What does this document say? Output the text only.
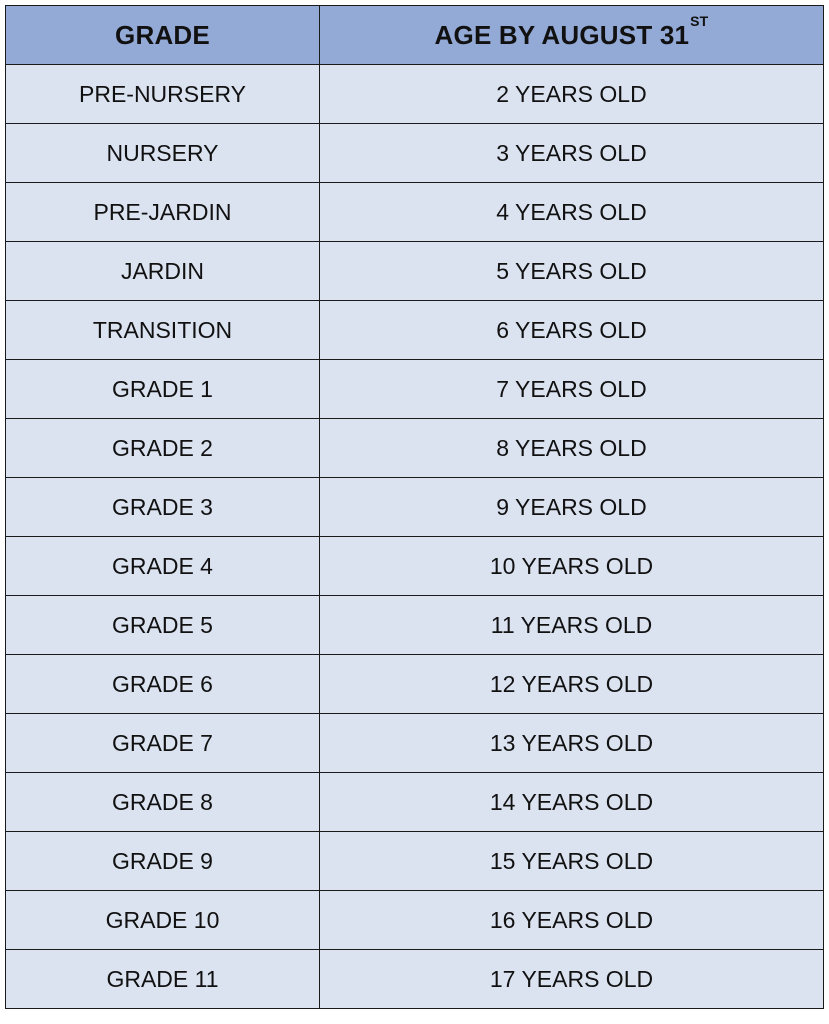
GRADE	AGE BY AUGUST 31ST
PRE-NURSERY	2 YEARS OLD
NURSERY	3 YEARS OLD
PRE-JARDIN	4 YEARS OLD
JARDIN	5 YEARS OLD
TRANSITION	6 YEARS OLD
GRADE 1	7 YEARS OLD
GRADE 2	8 YEARS OLD
GRADE 3	9 YEARS OLD
GRADE 4	10 YEARS OLD
GRADE 5	11 YEARS OLD
GRADE 6	12 YEARS OLD
GRADE 7	13 YEARS OLD
GRADE 8	14 YEARS OLD
GRADE 9	15 YEARS OLD
GRADE 10	16 YEARS OLD
GRADE 11	17 YEARS OLD
